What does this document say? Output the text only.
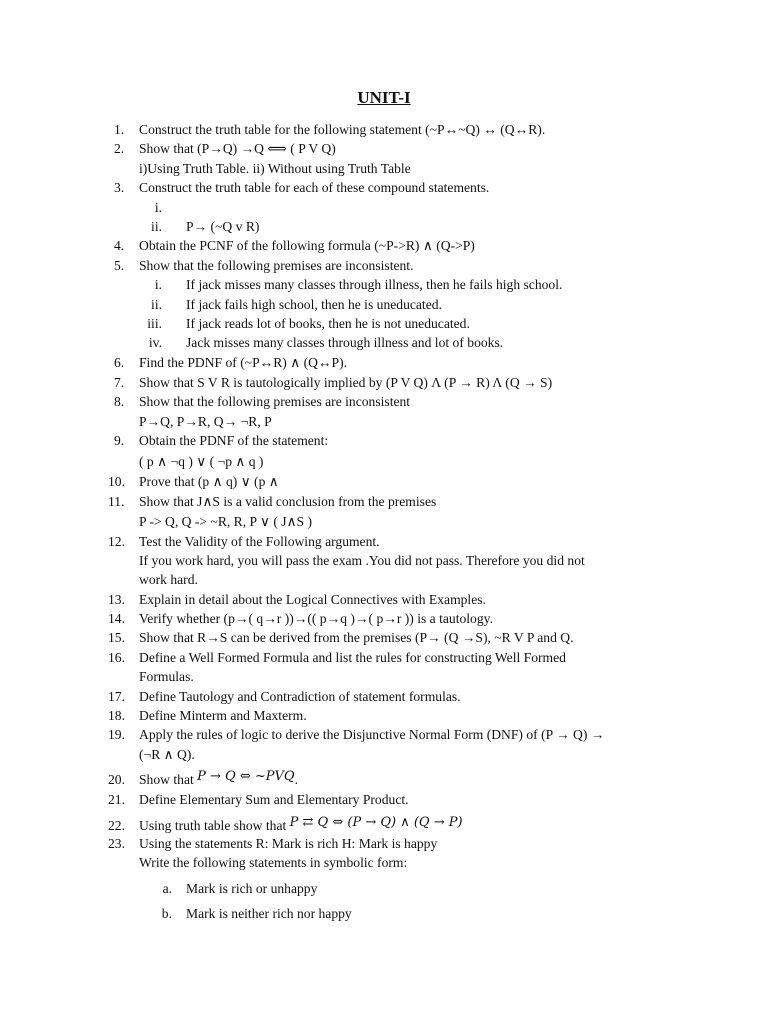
UNIT-I
1.	Construct the truth table for the following statement (~P↔~Q) ↔ (Q↔R).
2.	Show that (P→Q) →Q ⟺ ( P V Q)
i)Using Truth Table. ii) Without using Truth Table
3.	Construct the truth table for each of these compound statements.
i.
ii. P→ (~Q v R)
4.	Obtain the PCNF of the following formula (~P->R) ∧ (Q->P)
5.	Show that the following premises are inconsistent.
i. If jack misses many classes through illness, then he fails high school.
ii. If jack fails high school, then he is uneducated.
iii. If jack reads lot of books, then he is not uneducated.
iv. Jack misses many classes through illness and lot of books.
6.	Find the PDNF of (~P↔R) ∧ (Q↔P).
7.	Show that S V R is tautologically implied by (P V Q) Λ (P → R) Λ (Q → S)
8.	Show that the following premises are inconsistent
P→Q, P→R, Q→ ¬R, P
9.	Obtain the PDNF of the statement:
( p ∧ ¬q ) ∨ ( ¬p ∧ q )
10.	Prove that (p ∧ q) ∨ (p ∧
11.	Show that J∧S is a valid conclusion from the premises
P -> Q, Q -> ~R, R, P ∨ ( J∧S )
12.	Test the Validity of the Following argument.
If you work hard, you will pass the exam .You did not pass. Therefore you did not
work hard.
13.	Explain in detail about the Logical Connectives with Examples.
14.	Verify whether (p→( q→r ))→(( p→q )→( p→r )) is a tautology.
15.	Show that R→S can be derived from the premises (P→ (Q →S), ~R V P and Q.
16.	Define a Well Formed Formula and list the rules for constructing Well Formed
Formulas.
17.	Define Tautology and Contradiction of statement formulas.
18.	Define Minterm and Maxterm.
19.	Apply the rules of logic to derive the Disjunctive Normal Form (DNF) of (P → Q) →
(¬R ∧ Q).
20.	Show that P → Q ⇔ ~PVQ.
21.	Define Elementary Sum and Elementary Product.
22.	Using truth table show that P ⇄ Q ⇔ (P → Q) ∧ (Q → P)
23.	Using the statements R: Mark is rich H: Mark is happy
Write the following statements in symbolic form:
a. Mark is rich or unhappy
b. Mark is neither rich nor happy
